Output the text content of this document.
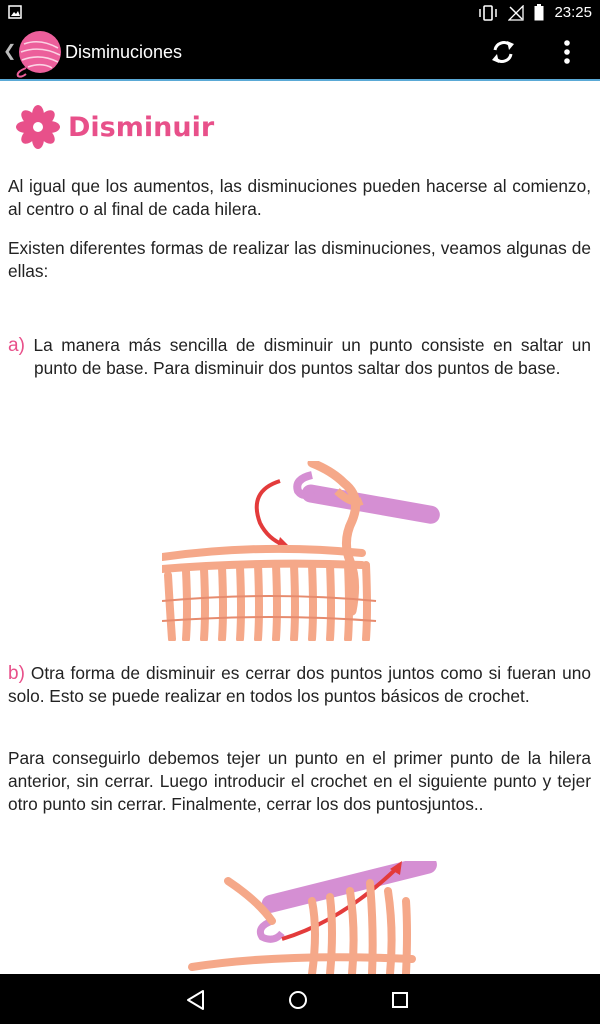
23:25
❮	Disminuciones
Disminuir

Al igual que los aumentos, las disminuciones pueden hacerse al comienzo, al centro o al final de cada hilera.

Existen diferentes formas de realizar las disminuciones, veamos algunas de ellas:

a) La manera más sencilla de disminuir un punto consiste en saltar un punto de base. Para disminuir dos puntos saltar dos puntos de base.

b) Otra forma de disminuir es cerrar dos puntos juntos como si fueran uno solo. Esto se puede realizar en todos los puntos básicos de crochet.

Para conseguirlo debemos tejer un punto en el primer punto de la hilera anterior, sin cerrar. Luego introducir el crochet en el siguiente punto y tejer otro punto sin cerrar. Finalmente, cerrar los dos puntosjuntos..
